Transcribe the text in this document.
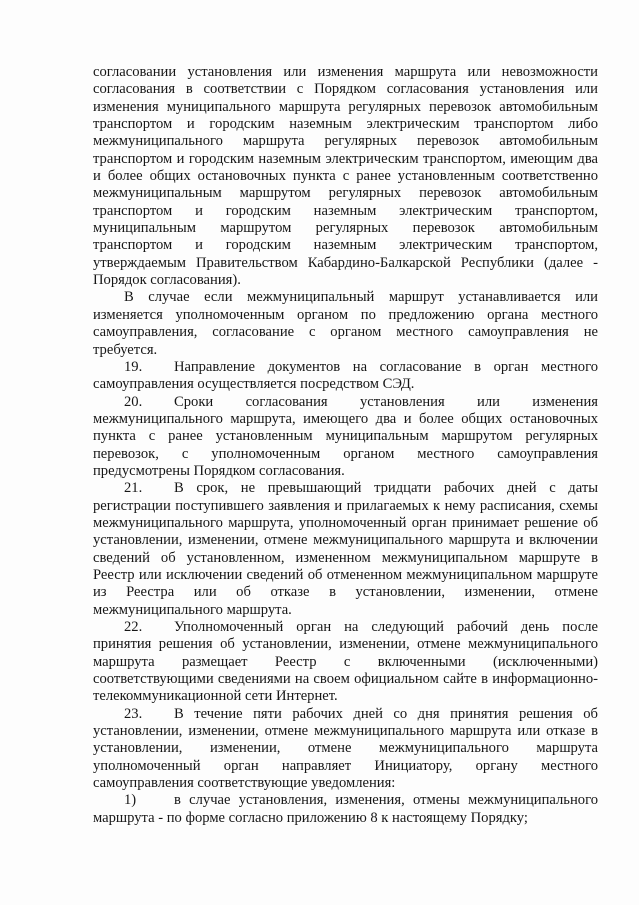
согласовании установления или изменения маршрута или невозможности согласования в соответствии с Порядком согласования установления или изменения муниципального маршрута регулярных перевозок автомобильным транспортом и городским наземным электрическим транспортом либо межмуниципального маршрута регулярных перевозок автомобильным транспортом и городским наземным электрическим транспортом, имеющим два и более общих остановочных пункта с ранее установленным соответственно межмуниципальным маршрутом регулярных перевозок автомобильным транспортом и городским наземным электрическим транспортом, муниципальным маршрутом регулярных перевозок автомобильным транспортом и городским наземным электрическим транспортом, утверждаемым Правительством Кабардино-Балкарской Республики (далее - Порядок согласования).

В случае если межмуниципальный маршрут устанавливается или изменяется уполномоченным органом по предложению органа местного самоуправления, согласование с органом местного самоуправления не требуется.

19. Направление документов на согласование в орган местного самоуправления осуществляется посредством СЭД.

20. Сроки согласования установления или изменения межмуниципального маршрута, имеющего два и более общих остановочных пункта с ранее установленным муниципальным маршрутом регулярных перевозок, с уполномоченным органом местного самоуправления предусмотрены Порядком согласования.

21. В срок, не превышающий тридцати рабочих дней с даты регистрации поступившего заявления и прилагаемых к нему расписания, схемы межмуниципального маршрута, уполномоченный орган принимает решение об установлении, изменении, отмене межмуниципального маршрута и включении сведений об установленном, измененном межмуниципальном маршруте в Реестр или исключении сведений об отмененном межмуниципальном маршруте из Реестра или об отказе в установлении, изменении, отмене межмуниципального маршрута.

22. Уполномоченный орган на следующий рабочий день после принятия решения об установлении, изменении, отмене межмуниципального маршрута размещает Реестр с включенными (исключенными) соответствующими сведениями на своем официальном сайте в информационно-телекоммуникационной сети Интернет.

23. В течение пяти рабочих дней со дня принятия решения об установлении, изменении, отмене межмуниципального маршрута или отказе в установлении, изменении, отмене межмуниципального маршрута уполномоченный орган направляет Инициатору, органу местного самоуправления соответствующие уведомления:

1)	в случае установления, изменения, отмены межмуниципального маршрута - по форме согласно приложению 8 к настоящему Порядку;
